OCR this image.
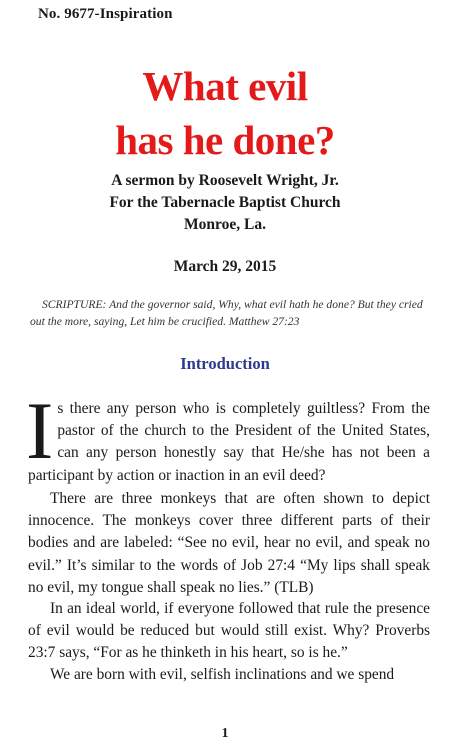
No. 9677-Inspiration
What evil
has he done?
A sermon by Roosevelt Wright, Jr.
For the Tabernacle Baptist Church
Monroe, La.
March 29, 2015
SCRIPTURE: And the governor said, Why, what evil hath he done? But they cried out the more, saying, Let him be crucified. Matthew 27:23
Introduction
Is there any person who is completely guiltless? From the pastor of the church to the President of the United States, can any person honestly say that He/she has not been a participant by action or inaction in an evil deed?
There are three monkeys that are often shown to depict innocence. The monkeys cover three different parts of their bodies and are labeled: “See no evil, hear no evil, and speak no evil.” It’s similar to the words of Job 27:4 “My lips shall speak no evil, my tongue shall speak no lies.” (TLB)
In an ideal world, if everyone followed that rule the presence of evil would be reduced but would still exist. Why? Proverbs 23:7 says, “For as he thinketh in his heart, so is he.”
We are born with evil, selfish inclinations and we spend
1
